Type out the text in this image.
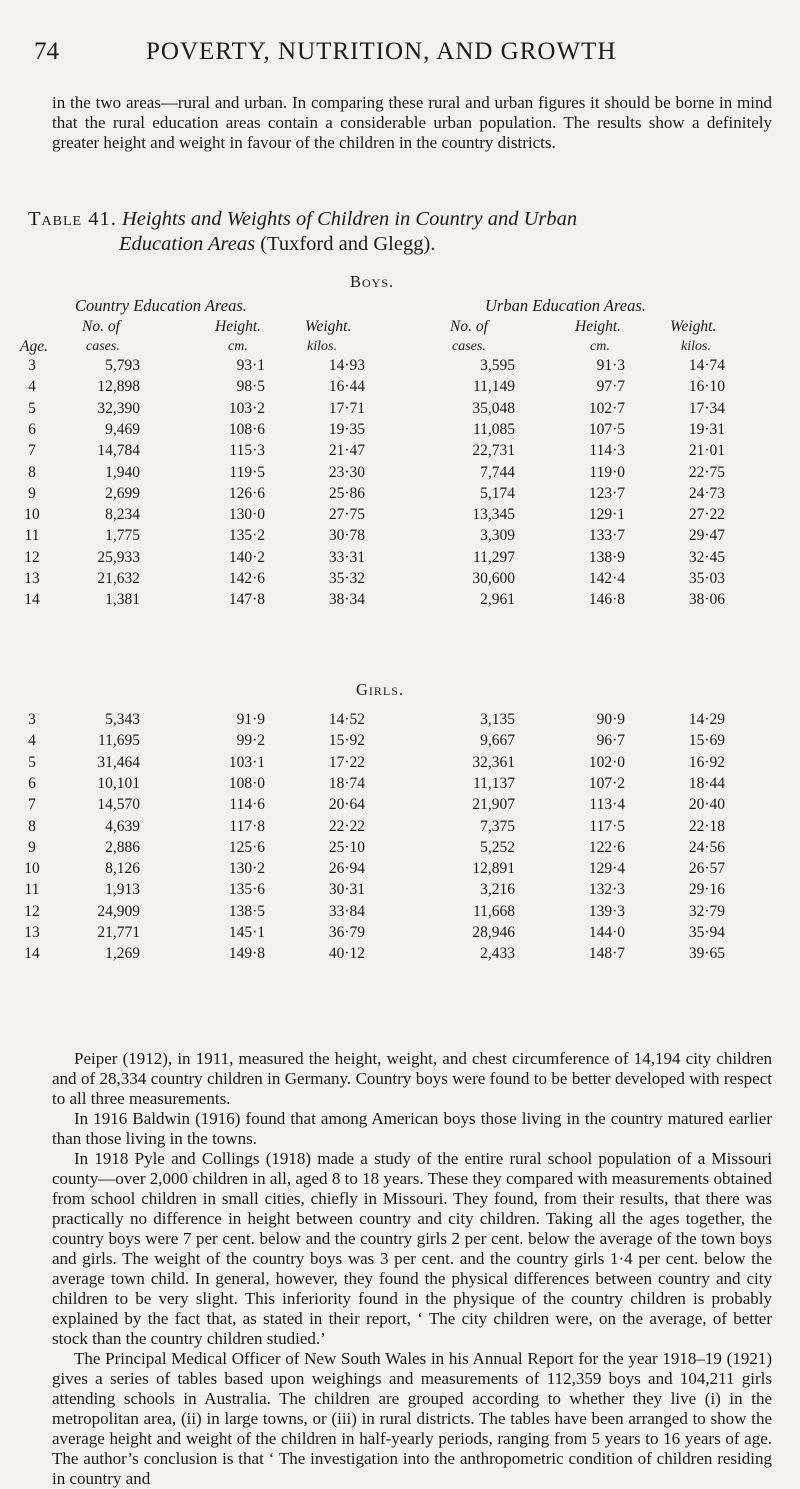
74	POVERTY, NUTRITION, AND GROWTH

in the two areas—rural and urban. In comparing these rural and urban figures it should be borne in mind that the rural education areas contain a considerable urban population. The results show a definitely greater height and weight in favour of the children in the country districts.

Table 41. Heights and Weights of Children in Country and Urban
Education Areas (Tuxford and Glegg).
Boys.
Country Education Areas.	Urban Education Areas.
No. of	Height.	Weight.	No. of	Height.	Weight.
Age.	cases.	cm.	kilos.	cases.	cm.	kilos.
3	5,793	93·1	14·93	3,595	91·3	14·74
4	12,898	98·5	16·44	11,149	97·7	16·10
5	32,390	103·2	17·71	35,048	102·7	17·34
6	9,469	108·6	19·35	11,085	107·5	19·31
7	14,784	115·3	21·47	22,731	114·3	21·01
8	1,940	119·5	23·30	7,744	119·0	22·75
9	2,699	126·6	25·86	5,174	123·7	24·73
10	8,234	130·0	27·75	13,345	129·1	27·22
11	1,775	135·2	30·78	3,309	133·7	29·47
12	25,933	140·2	33·31	11,297	138·9	32·45
13	21,632	142·6	35·32	30,600	142·4	35·03
14	1,381	147·8	38·34	2,961	146·8	38·06
Girls.
3	5,343	91·9	14·52	3,135	90·9	14·29
4	11,695	99·2	15·92	9,667	96·7	15·69
5	31,464	103·1	17·22	32,361	102·0	16·92
6	10,101	108·0	18·74	11,137	107·2	18·44
7	14,570	114·6	20·64	21,907	113·4	20·40
8	4,639	117·8	22·22	7,375	117·5	22·18
9	2,886	125·6	25·10	5,252	122·6	24·56
10	8,126	130·2	26·94	12,891	129·4	26·57
11	1,913	135·6	30·31	3,216	132·3	29·16
12	24,909	138·5	33·84	11,668	139·3	32·79
13	21,771	145·1	36·79	28,946	144·0	35·94
14	1,269	149·8	40·12	2,433	148·7	39·65

Peiper (1912), in 1911, measured the height, weight, and chest circumference of 14,194 city children and of 28,334 country children in Germany. Country boys were found to be better developed with respect to all three measurements.

In 1916 Baldwin (1916) found that among American boys those living in the country matured earlier than those living in the towns.

In 1918 Pyle and Collings (1918) made a study of the entire rural school population of a Missouri county—over 2,000 children in all, aged 8 to 18 years. These they compared with measurements obtained from school children in small cities, chiefly in Missouri. They found, from their results, that there was practically no difference in height between country and city children. Taking all the ages together, the country boys were 7 per cent. below and the country girls 2 per cent. below the average of the town boys and girls. The weight of the country boys was 3 per cent. and the country girls 1·4 per cent. below the average town child. In general, however, they found the physical differences between country and city children to be very slight. This inferiority found in the physique of the country children is probably explained by the fact that, as stated in their report, ‘ The city children were, on the average, of better stock than the country children studied.’

The Principal Medical Officer of New South Wales in his Annual Report for the year 1918–19 (1921) gives a series of tables based upon weighings and measurements of 112,359 boys and 104,211 girls attending schools in Australia. The children are grouped according to whether they live (i) in the metropolitan area, (ii) in large towns, or (iii) in rural districts. The tables have been arranged to show the average height and weight of the children in half-yearly periods, ranging from 5 years to 16 years of age. The author’s conclusion is that ‘ The investigation into the anthropometric condition of children residing in country and
